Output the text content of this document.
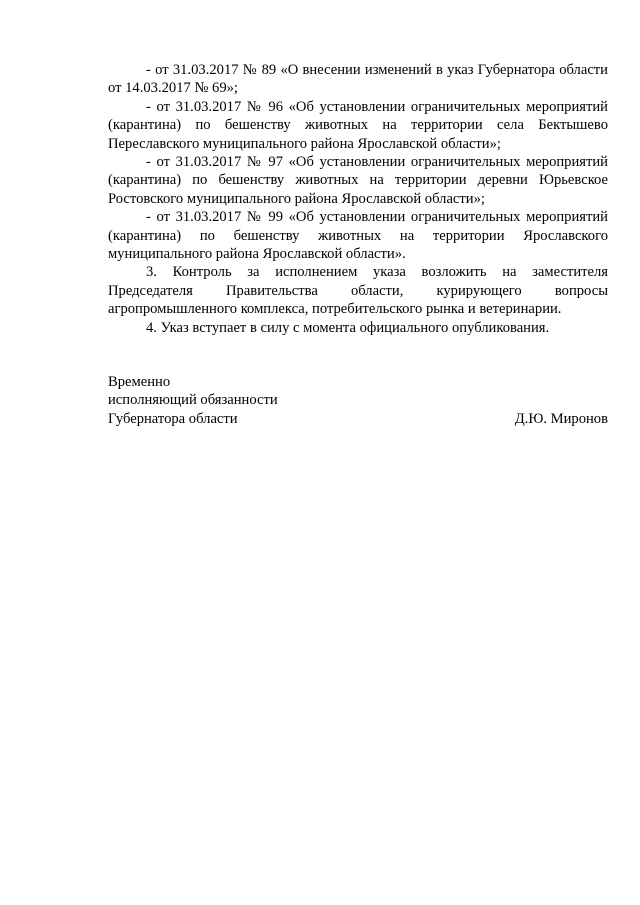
- от 31.03.2017 № 89 «О внесении изменений в указ Губернатора области от 14.03.2017 № 69»;

- от 31.03.2017 № 96 «Об установлении ограничительных мероприятий (карантина) по бешенству животных на территории села Бектышево Переславского муниципального района Ярославской области»;

- от 31.03.2017 № 97 «Об установлении ограничительных мероприятий (карантина) по бешенству животных на территории деревни Юрьевское Ростовского муниципального района Ярославской области»;

- от 31.03.2017 № 99 «Об установлении ограничительных мероприятий (карантина) по бешенству животных на территории Ярославского муниципального района Ярославской области».

3. Контроль за исполнением указа возложить на заместителя Председателя Правительства области, курирующего вопросы агропромышленного комплекса, потребительского рынка и ветеринарии.

4. Указ вступает в силу с момента официального опубликования.

Временно
исполняющий обязанности
Губернатора области	Д.Ю. Миронов
